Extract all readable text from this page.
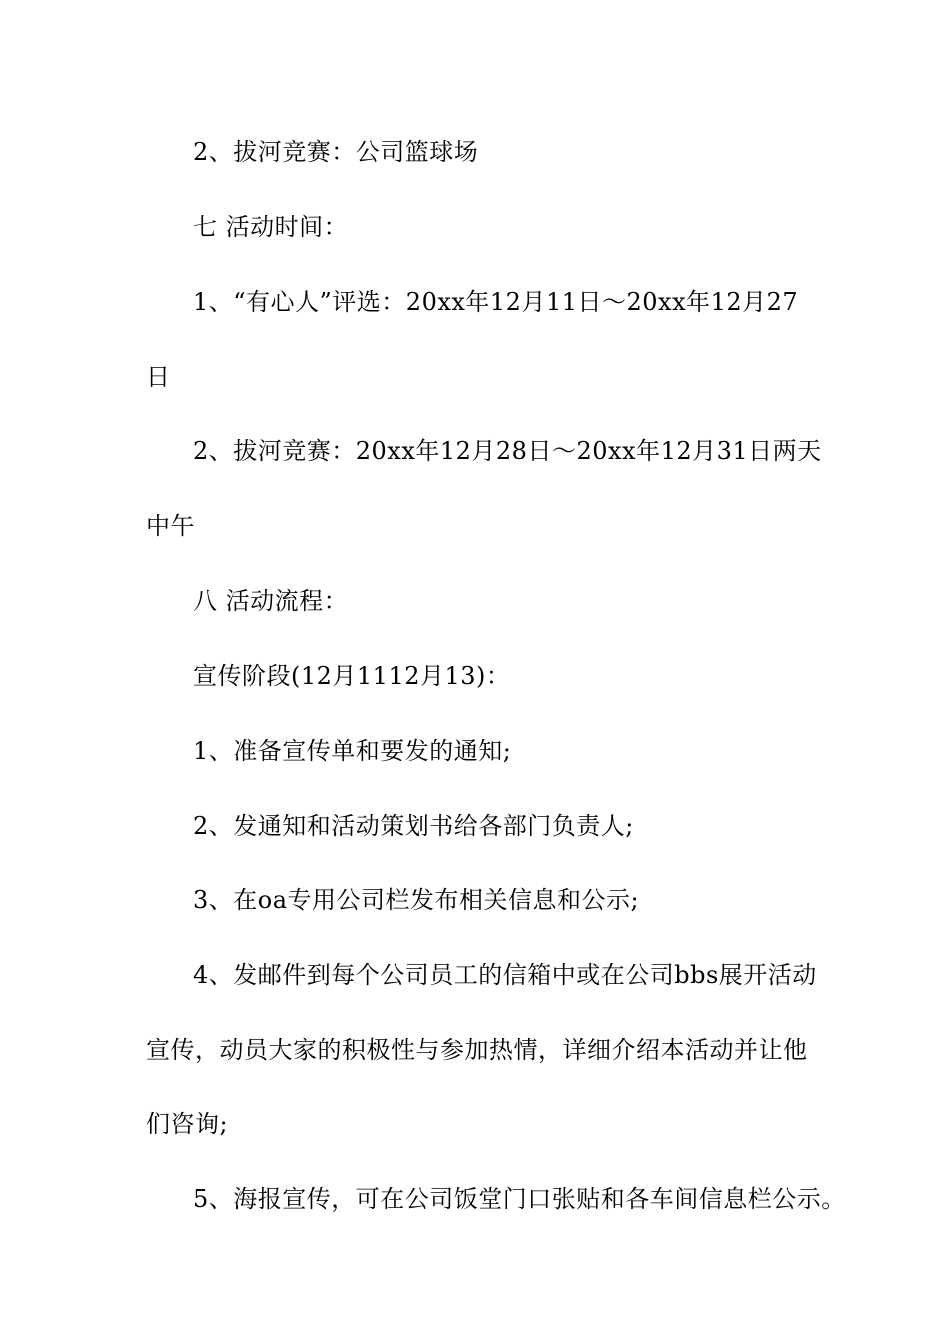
2、拔河竞赛：公司篮球场
七 活动时间：
1、“有心人”评选：20xx年12月11日～20xx年12月27
日
2、拔河竞赛：20xx年12月28日～20xx年12月31日两天
中午
八 活动流程：
宣传阶段(12月1112月13)：
1、准备宣传单和要发的通知;
2、发通知和活动策划书给各部门负责人;
3、在oa专用公司栏发布相关信息和公示;
4、发邮件到每个公司员工的信箱中或在公司bbs展开活动
宣传，动员大家的积极性与参加热情，详细介绍本活动并让他
们咨询;
5、海报宣传，可在公司饭堂门口张贴和各车间信息栏公示。
